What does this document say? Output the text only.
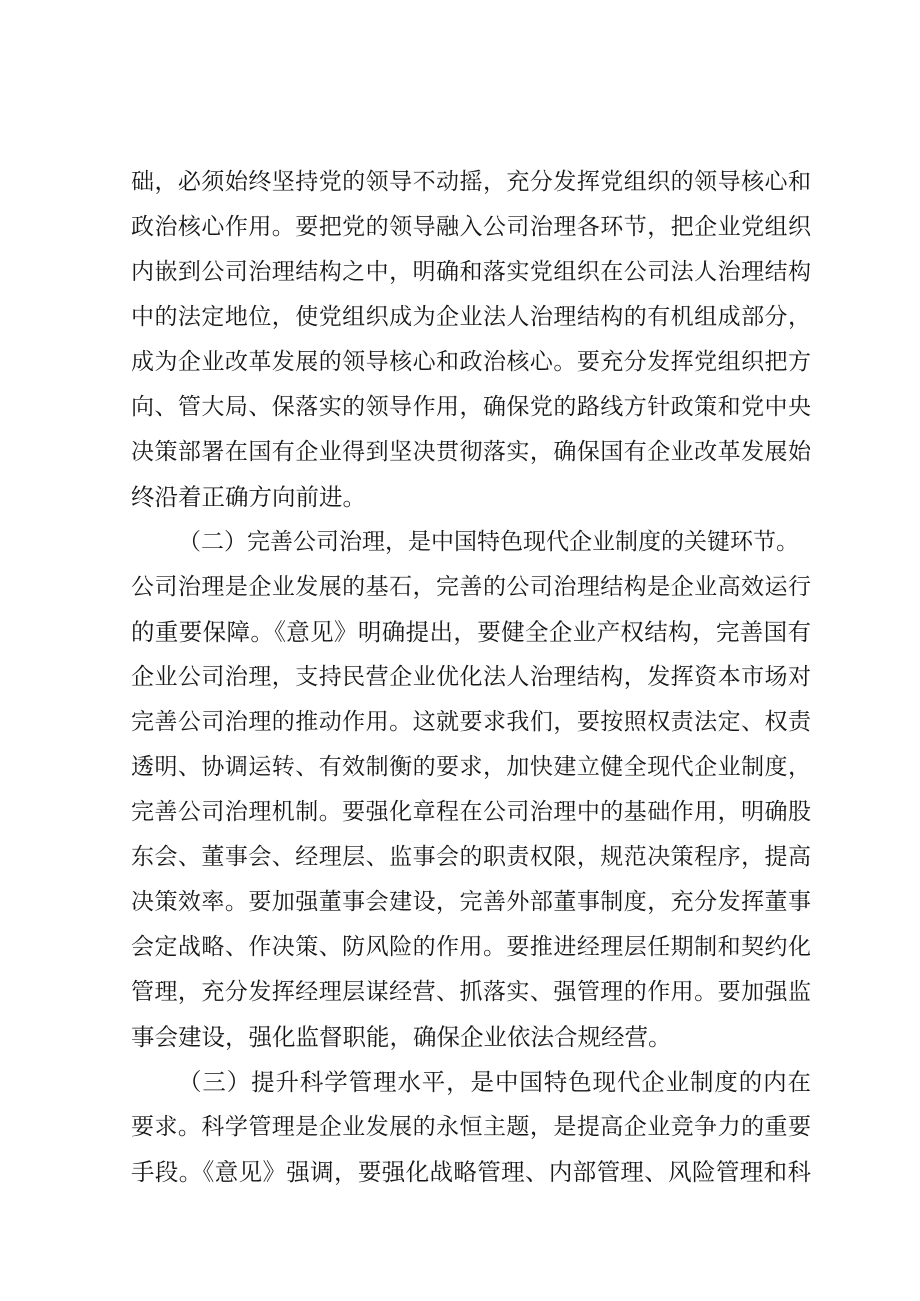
础，必须始终坚持党的领导不动摇，充分发挥党组织的领导核心和
政治核心作用。要把党的领导融入公司治理各环节，把企业党组织
内嵌到公司治理结构之中，明确和落实党组织在公司法人治理结构
中的法定地位，使党组织成为企业法人治理结构的有机组成部分，
成为企业改革发展的领导核心和政治核心。要充分发挥党组织把方
向、管大局、保落实的领导作用，确保党的路线方针政策和党中央
决策部署在国有企业得到坚决贯彻落实，确保国有企业改革发展始
终沿着正确方向前进。
（二）完善公司治理，是中国特色现代企业制度的关键环节。
公司治理是企业发展的基石，完善的公司治理结构是企业高效运行
的重要保障。《意见》明确提出，要健全企业产权结构，完善国有
企业公司治理，支持民营企业优化法人治理结构，发挥资本市场对
完善公司治理的推动作用。这就要求我们，要按照权责法定、权责
透明、协调运转、有效制衡的要求，加快建立健全现代企业制度，
完善公司治理机制。要强化章程在公司治理中的基础作用，明确股
东会、董事会、经理层、监事会的职责权限，规范决策程序，提高
决策效率。要加强董事会建设，完善外部董事制度，充分发挥董事
会定战略、作决策、防风险的作用。要推进经理层任期制和契约化
管理，充分发挥经理层谋经营、抓落实、强管理的作用。要加强监
事会建设，强化监督职能，确保企业依法合规经营。
（三）提升科学管理水平，是中国特色现代企业制度的内在
要求。科学管理是企业发展的永恒主题，是提高企业竞争力的重要
手段。《意见》强调，要强化战略管理、内部管理、风险管理和科
